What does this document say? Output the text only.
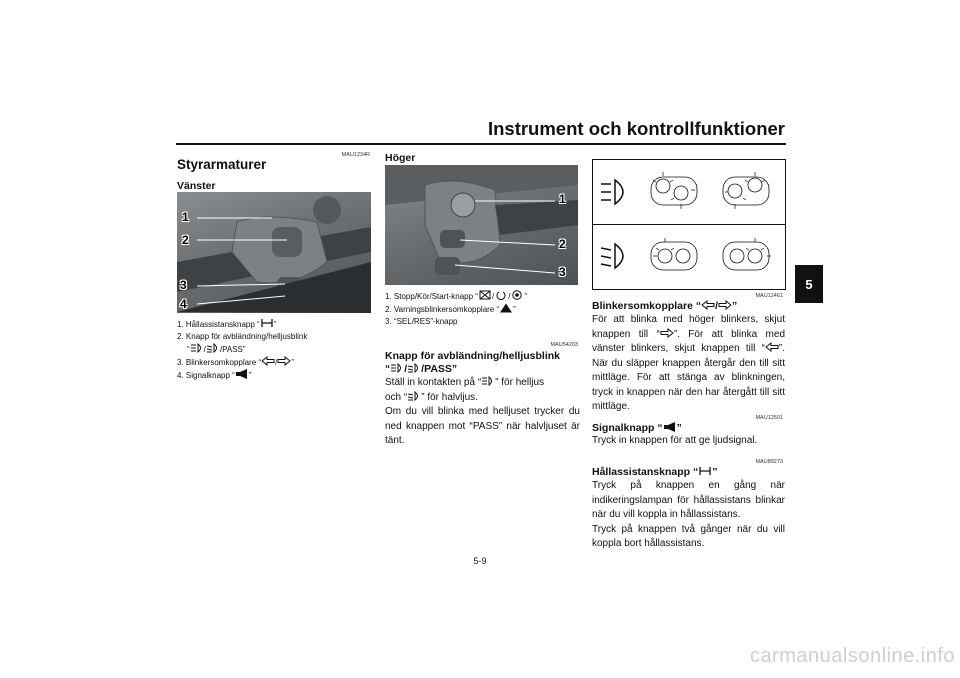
Instrument och kontrollfunktioner
5
MAU1234R
Styrarmaturer
Vänster
1
2
3
4
1. Hållassistansknapp “ ”
2. Knapp för avbländning/helljusblink
“ / /PASS”
3. Blinkersomkopplare “ / ”
4. Signalknapp “ ”
Höger
1
2
3
1. Stopp/Kör/Start-knapp “ / / ”
2. Varningsblinkersomkopplare “ ”
3. “SEL/RES”-knapp
MAU54203
Knapp för avbländning/helljusblink
“ / /PASS”
Ställ in kontakten på “ ” för helljus
och “ ” för halvljus.
Om du vill blinka med helljuset trycker du ned knappen mot “PASS” när halvljuset är tänt.
MAU12461
Blinkersomkopplare “ / ”
För att blinka med höger blinkers, skjut knappen till “ ”. För att blinka med vänster blinkers, skjut knappen till “ ”. När du släpper knappen återgår den till sitt mittläge. För att stänga av blinkningen, tryck in knappen när den har återgått till sitt mittläge.
MAU12501
Signalknapp “ ”
Tryck in knappen för att ge ljudsignal.
MAU89273
Hållassistansknapp “ ”
Tryck på knappen en gång när indikeringslampan för hållassistans blinkar när du vill koppla in hållassistans.
Tryck på knappen två gånger när du vill koppla bort hållassistans.
5-9
carmanualsonline.info
